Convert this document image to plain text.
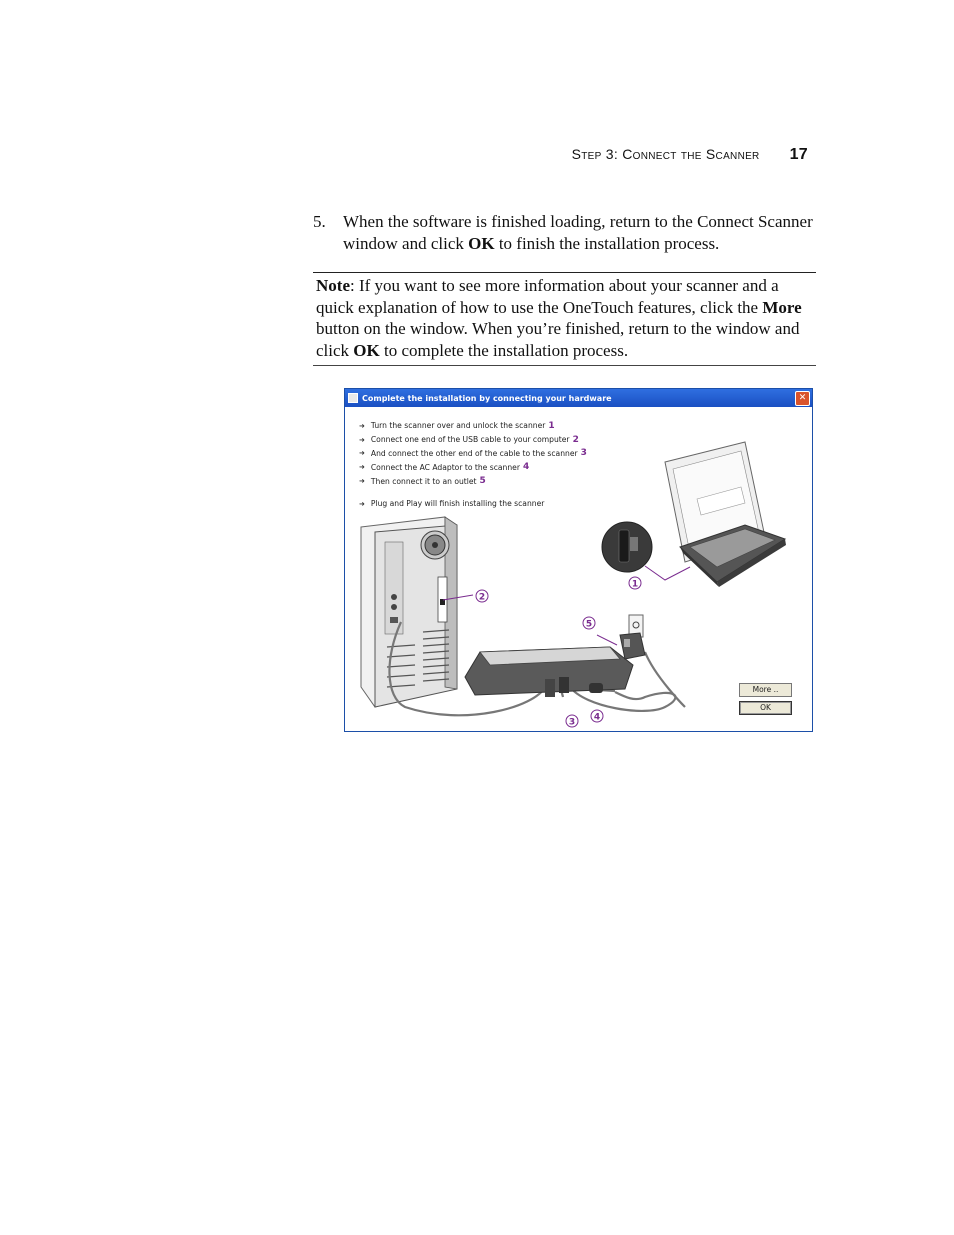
Step 3: Connect the Scanner 17
5. When the software is finished loading, return to the Connect Scanner window and click OK to finish the installation process.
Note: If you want to see more information about your scanner and a quick explanation of how to use the OneTouch features, click the More button on the window. When you’re finished, return to the window and click OK to complete the installation process.
Complete the installation by connecting your hardware	✕
1
2
3 4
5
➜ Turn the scanner over and unlock the scanner 1
➜ Connect one end of the USB cable to your computer 2
➜ And connect the other end of the cable to the scanner 3
➜ Connect the AC Adaptor to the scanner 4
➜ Then connect it to an outlet 5
➜ Plug and Play will finish installing the scanner
More ..
OK
